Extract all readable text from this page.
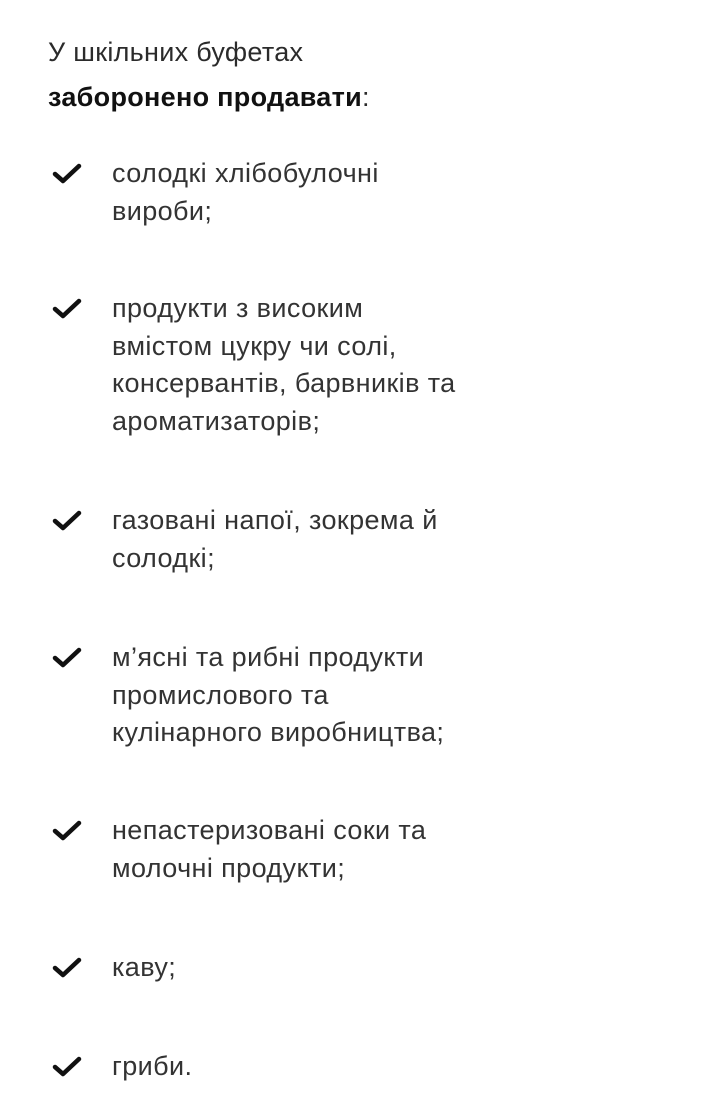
У шкільних буфетах
заборонено продавати:
солодкі хлібобулочні
вироби;
продукти з високим
вмістом цукру чи солі,
консервантів, барвників та
ароматизаторів;
газовані напої, зокрема й
солодкі;
м’ясні та рибні продукти
промислового та
кулінарного виробництва;
непастеризовані соки та
молочні продукти;
каву;
гриби.
